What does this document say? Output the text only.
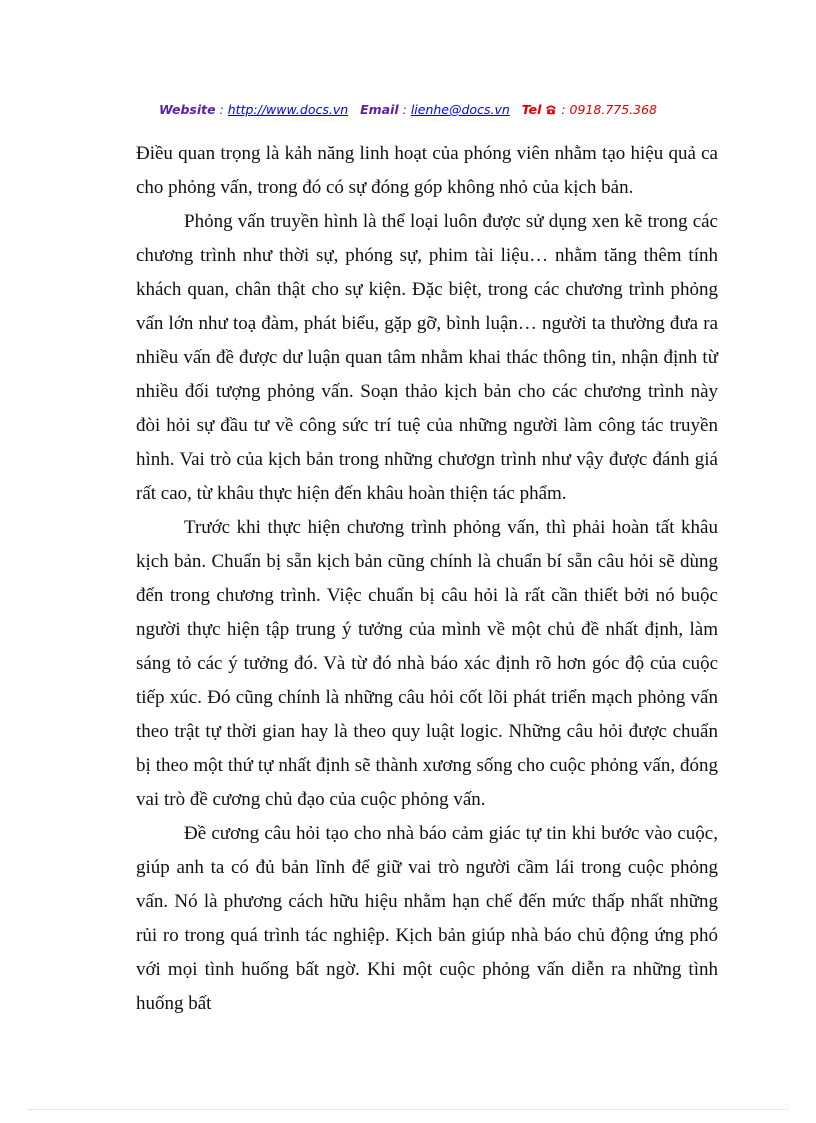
Website : http://www.docs.vn Email : lienhe@docs.vn Tel  : 0918.775.368

Điều quan trọng là kảh năng linh hoạt của phóng viên nhằm tạo hiệu quả ca cho phỏng vấn, trong đó có sự đóng góp không nhỏ của kịch bản.

Phỏng vấn truyền hình là thể loại luôn được sử dụng xen kẽ trong các chương trình như thời sự, phóng sự, phim tài liệu… nhằm tăng thêm tính khách quan, chân thật cho sự kiện. Đặc biệt, trong các chương trình phỏng vấn lớn như toạ đàm, phát biểu, gặp gỡ, bình luận… người ta thường đưa ra nhiều vấn đề được dư luận quan tâm nhằm khai thác thông tin, nhận định từ nhiều đối tượng phỏng vấn. Soạn thảo kịch bản cho các chương trình này đòi hỏi sự đầu tư về công sức trí tuệ của những người làm công tác truyền hình. Vai trò của kịch bản trong những chươgn trình như vậy được đánh giá rất cao, từ khâu thực hiện đến khâu hoàn thiện tác phẩm.

Trước khi thực hiện chương trình phỏng vấn, thì phải hoàn tất khâu kịch bản. Chuẩn bị sẵn kịch bản cũng chính là chuẩn bí sẵn câu hỏi sẽ dùng đến trong chương trình. Việc chuẩn bị câu hỏi là rất cần thiết bởi nó buộc người thực hiện tập trung ý tưởng của mình về một chủ đề nhất định, làm sáng tỏ các ý tưởng đó. Và từ đó nhà báo xác định rõ hơn góc độ của cuộc tiếp xúc. Đó cũng chính là những câu hỏi cốt lõi phát triển mạch phỏng vấn theo trật tự thời gian hay là theo quy luật logic. Những câu hỏi được chuẩn bị theo một thứ tự nhất định sẽ thành xương sống cho cuộc phỏng vấn, đóng vai trò đề cương chủ đạo của cuộc phỏng vấn.

Đề cương câu hỏi tạo cho nhà báo cảm giác tự tin khi bước vào cuộc, giúp anh ta có đủ bản lĩnh để giữ vai trò người cầm lái trong cuộc phỏng vấn. Nó là phương cách hữu hiệu nhằm hạn chế đến mức thấp nhất những rủi ro trong quá trình tác nghiệp. Kịch bản giúp nhà báo chủ động ứng phó với mọi tình huống bất ngờ. Khi một cuộc phỏng vấn diễn ra những tình huống bất
